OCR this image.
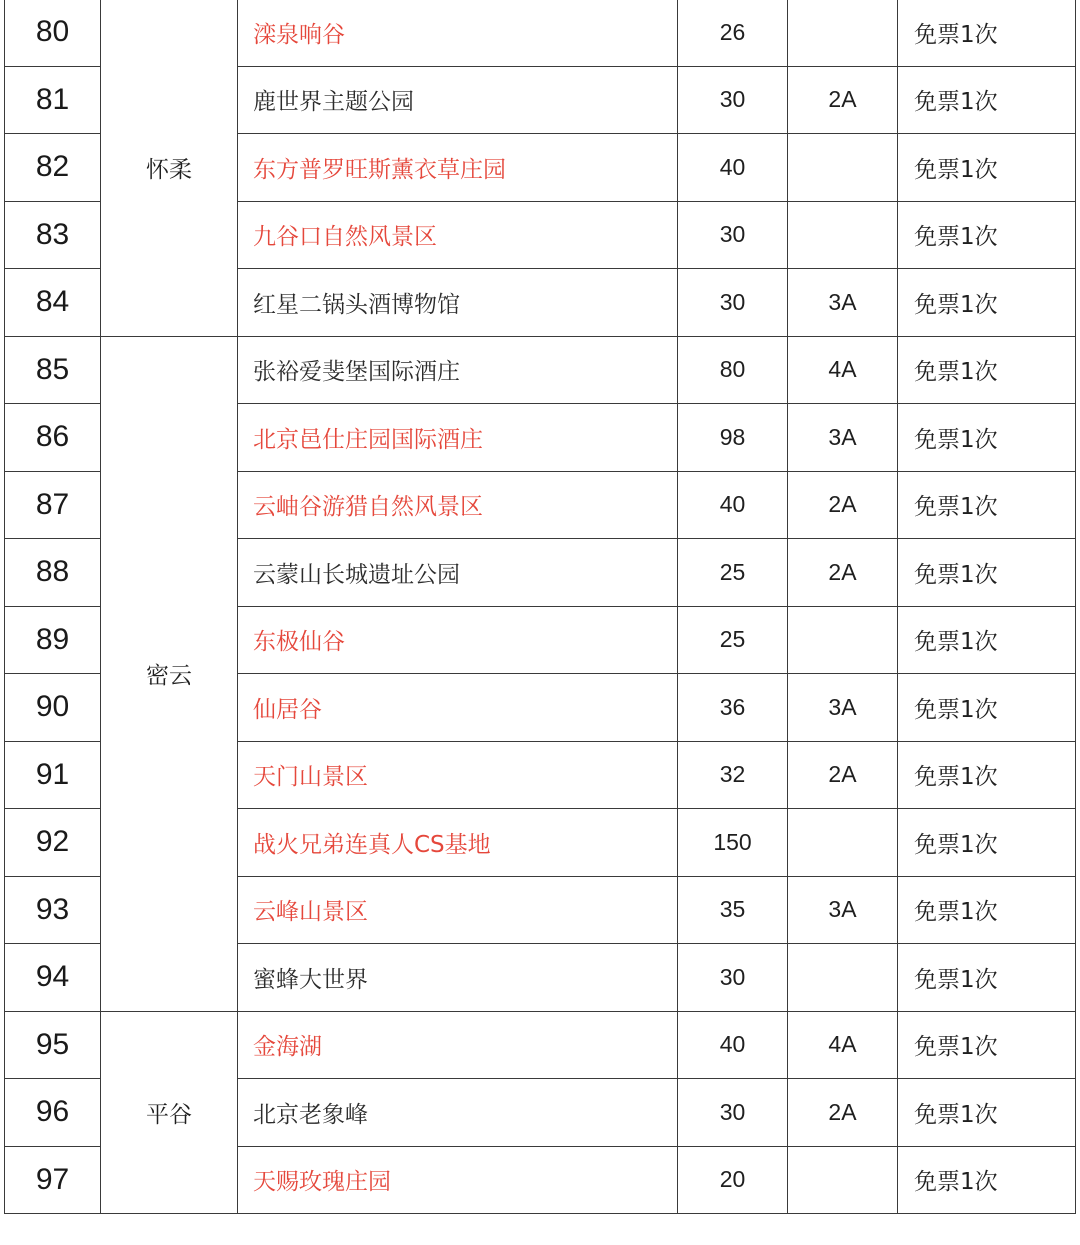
80	怀柔	滦泉响谷	26		免票1次
81		鹿世界主题公园	30	2A	免票1次
82		东方普罗旺斯薰衣草庄园	40		免票1次
83		九谷口自然风景区	30		免票1次
84		红星二锅头酒博物馆	30	3A	免票1次
85	密云	张裕爱斐堡国际酒庄	80	4A	免票1次
86		北京邑仕庄园国际酒庄	98	3A	免票1次
87		云岫谷游猎自然风景区	40	2A	免票1次
88		云蒙山长城遗址公园	25	2A	免票1次
89		东极仙谷	25		免票1次
90		仙居谷	36	3A	免票1次
91		天门山景区	32	2A	免票1次
92		战火兄弟连真人CS基地	150		免票1次
93		云峰山景区	35	3A	免票1次
94		蜜蜂大世界	30		免票1次
95	平谷	金海湖	40	4A	免票1次
96		北京老象峰	30	2A	免票1次
97		天赐玫瑰庄园	20		免票1次
